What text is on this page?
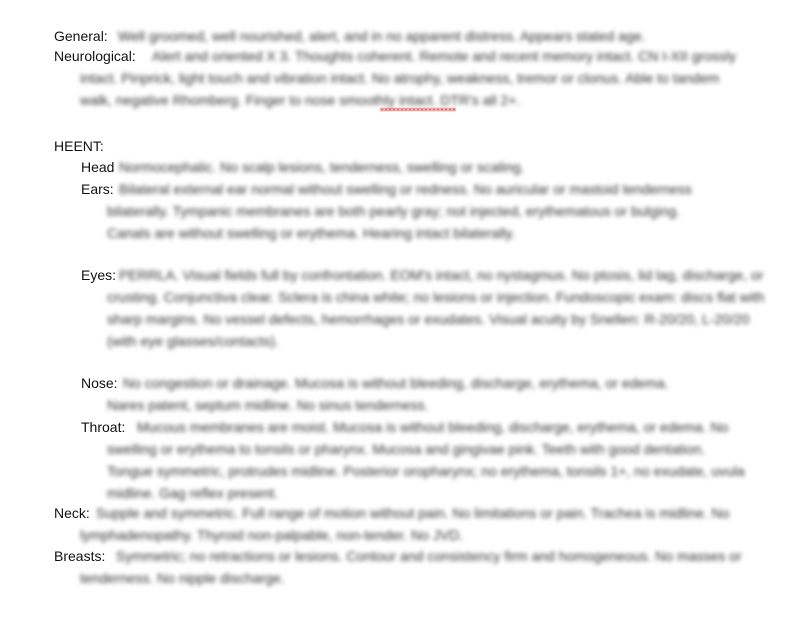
General: Well groomed, well nourished, alert, and in no apparent distress. Appears stated age.
Neurological:	Alert and oriented X 3. Thoughts coherent. Remote and recent memory intact. CN I-XII grossly intact. Pinprick, light touch and vibration intact. No atrophy, weakness, tremor or clonus. Able to tandem walk, negative Rhomberg. Finger to nose smoothly intact. DTR's all 2+.
HEENT:
Head Normocephalic. No scalp lesions, tenderness, swelling or scaling.
Ears: Bilateral external ear normal without swelling or redness. No auricular or mastoid tenderness bilaterally. Tympanic membranes are both pearly gray; not injected, erythematous or bulging. Canals are without swelling or erythema. Hearing intact bilaterally.
Eyes: PERRLA. Visual fields full by confrontation. EOM's intact, no nystagmus. No ptosis, lid lag, discharge, or crusting. Conjunctiva clear. Sclera is china white; no lesions or injection. Fundoscopic exam: discs flat with sharp margins. No vessel defects, hemorrhages or exudates. Visual acuity by Snellen: R-20/20, L-20/20 (with eye glasses/contacts).
Nose: No congestion or drainage. Mucosa is without bleeding, discharge, erythema, or edema. Nares patent, septum midline. No sinus tenderness.
Throat: Mucous membranes are moist. Mucosa is without bleeding, discharge, erythema, or edema. No swelling or erythema to tonsils or pharynx. Mucosa and gingivae pink. Teeth with good dentation. Tongue symmetric, protrudes midline. Posterior oropharynx; no erythema, tonsils 1+, no exudate, uvula midline. Gag reflex present.
Neck: Supple and symmetric. Full range of motion without pain. No limitations or pain. Trachea is midline. No lymphadenopathy. Thyroid non-palpable, non-tender. No JVD.
Breasts: Symmetric; no retractions or lesions. Contour and consistency firm and homogeneous. No masses or tenderness. No nipple discharge.
